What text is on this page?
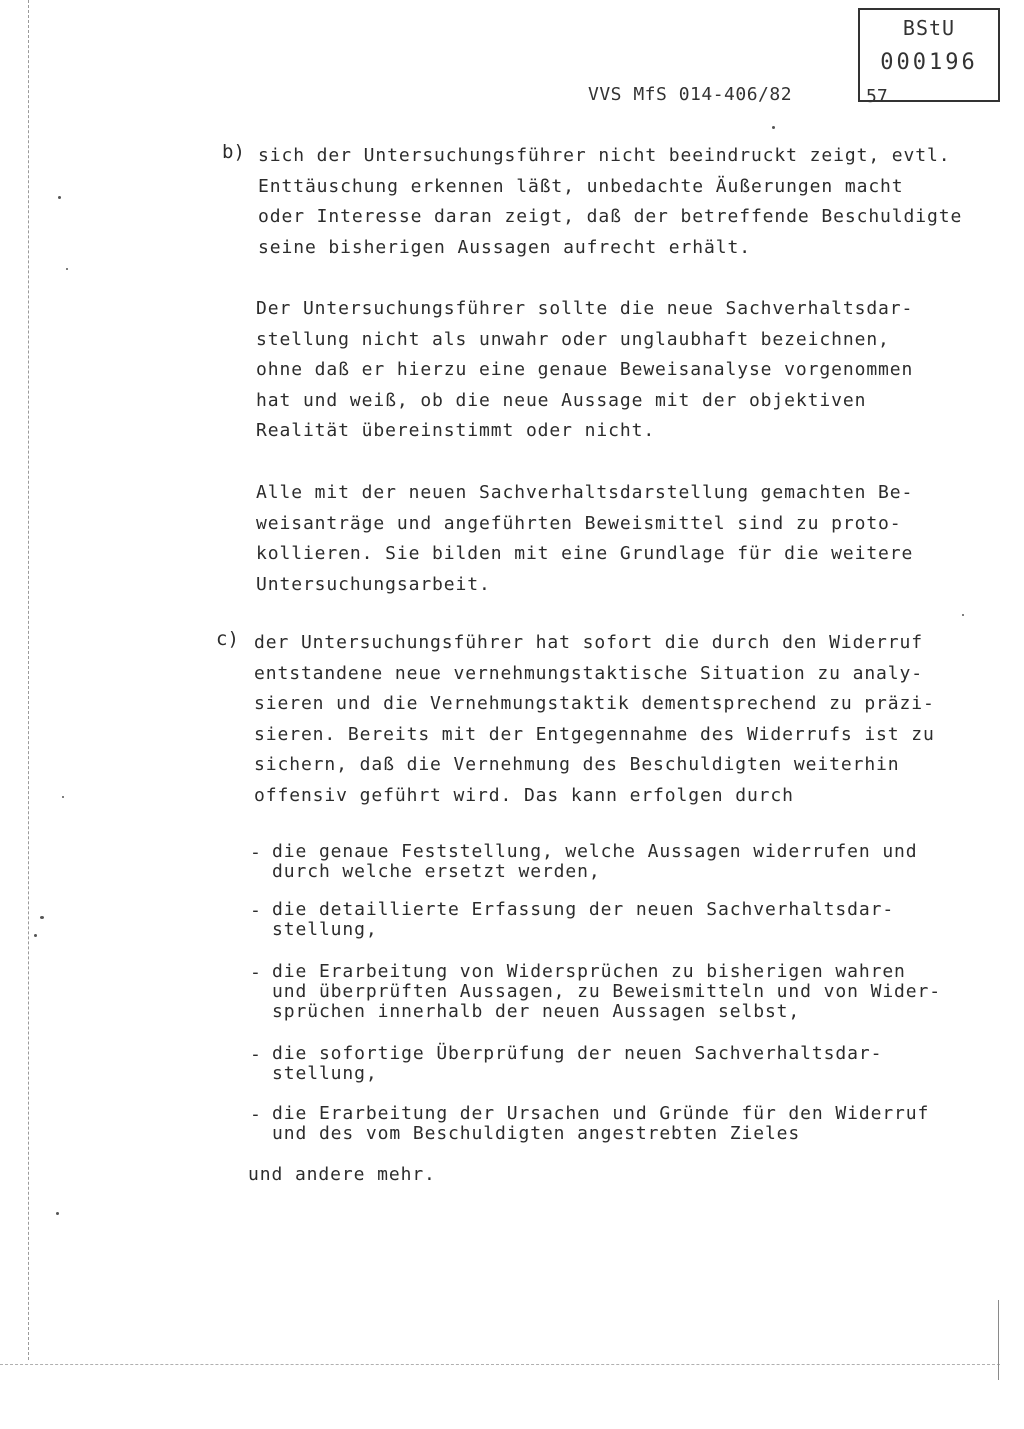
BStU
000196
VVS MfS 014-406/82	57
b) sich der Untersuchungsführer nicht beeindruckt zeigt, evtl.
Enttäuschung erkennen läßt, unbedachte Äußerungen macht
oder Interesse daran zeigt, daß der betreffende Beschuldigte
seine bisherigen Aussagen aufrecht erhält.

Der Untersuchungsführer sollte die neue Sachverhaltsdar-
stellung nicht als unwahr oder unglaubhaft bezeichnen,
ohne daß er hierzu eine genaue Beweisanalyse vorgenommen
hat und weiß, ob die neue Aussage mit der objektiven
Realität übereinstimmt oder nicht.

Alle mit der neuen Sachverhaltsdarstellung gemachten Be-
weisanträge und angeführten Beweismittel sind zu proto-
kollieren. Sie bilden mit eine Grundlage für die weitere
Untersuchungsarbeit.

c) der Untersuchungsführer hat sofort die durch den Widerruf
entstandene neue vernehmungstaktische Situation zu analy-
sieren und die Vernehmungstaktik dementsprechend zu präzi-
sieren. Bereits mit der Entgegennahme des Widerrufs ist zu
sichern, daß die Vernehmung des Beschuldigten weiterhin
offensiv geführt wird. Das kann erfolgen durch

- die genaue Feststellung, welche Aussagen widerrufen und
durch welche ersetzt werden,

- die detaillierte Erfassung der neuen Sachverhaltsdar-
stellung,

- die Erarbeitung von Widersprüchen zu bisherigen wahren
und überprüften Aussagen, zu Beweismitteln und von Wider-
sprüchen innerhalb der neuen Aussagen selbst,

- die sofortige Überprüfung der neuen Sachverhaltsdar-
stellung,

- die Erarbeitung der Ursachen und Gründe für den Widerruf
und des vom Beschuldigten angestrebten Zieles

und andere mehr.
